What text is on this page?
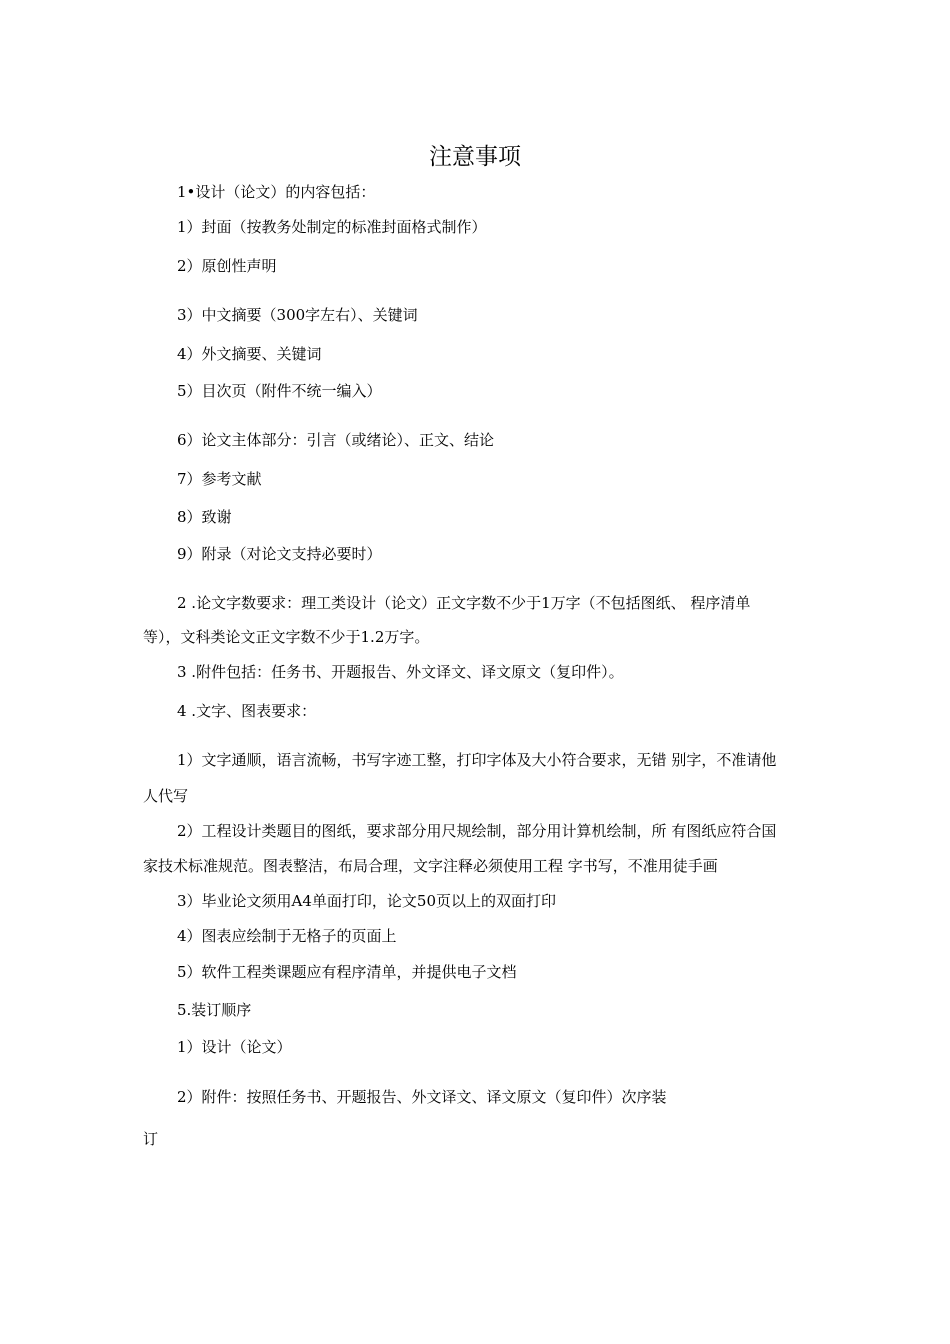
注意事项
1•设计（论文）的内容包括：
1）封面（按教务处制定的标准封面格式制作）
2）原创性声明
3）中文摘要（300字左右）、关键词
4）外文摘要、关键词
5）目次页（附件不统一编入）
6）论文主体部分：引言（或绪论）、正文、结论
7）参考文献
8）致谢
9）附录（对论文支持必要时）
2 .论文字数要求：理工类设计（论文）正文字数不少于1万字（不包括图纸、 程序清单
等），文科类论文正文字数不少于1.2万字。
3 .附件包括：任务书、开题报告、外文译文、译文原文（复印件）。
4 .文字、图表要求：
1）文字通顺，语言流畅，书写字迹工整，打印字体及大小符合要求，无错 别字，不准请他
人代写
2）工程设计类题目的图纸，要求部分用尺规绘制，部分用计算机绘制，所 有图纸应符合国
家技术标准规范。图表整洁，布局合理，文字注释必须使用工程 字书写，不准用徒手画
3）毕业论文须用A4单面打印，论文50页以上的双面打印
4）图表应绘制于无格子的页面上
5）软件工程类课题应有程序清单，并提供电子文档
5.装订顺序
1）设计（论文）
2）附件：按照任务书、开题报告、外文译文、译文原文（复印件）次序装
订
